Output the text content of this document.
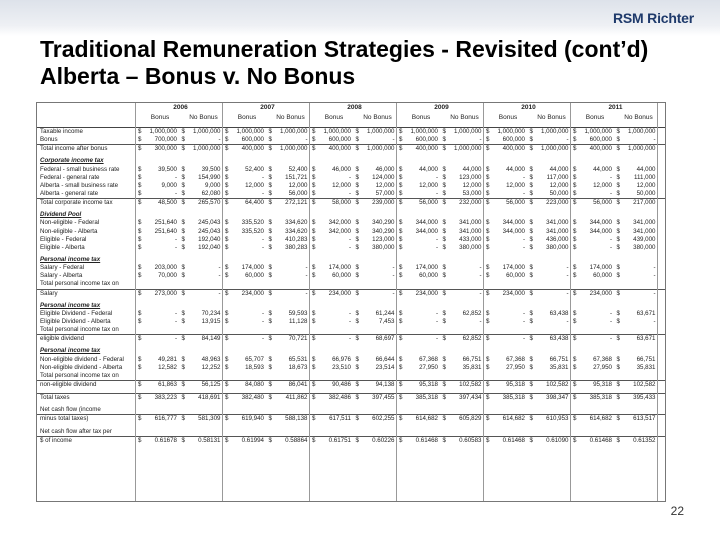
RSM Richter
Traditional Remuneration Strategies - Revisited (cont’d)
Alberta – Bonus v. No Bonus
2006	2007	2008	2009	2010	2011
Bonus	No Bonus	Bonus	No Bonus	Bonus	No Bonus	Bonus	No Bonus	Bonus	No Bonus	Bonus	No Bonus
Taxable income	$	1,000,000 $	1,000,000 $	1,000,000 $	1,000,000 $	1,000,000 $	1,000,000 $	1,000,000 $	1,000,000 $	1,000,000 $	1,000,000 $	1,000,000 $	1,000,000
Bonus	$	700,000 $	- $	600,000 $	- $	600,000 $	- $	600,000 $	- $	600,000 $	- $	600,000 $	-
Total income after bonus	$	300,000 $	1,000,000 $	400,000 $	1,000,000 $	400,000 $	1,000,000 $	400,000 $	1,000,000 $	400,000 $	1,000,000 $	400,000 $	1,000,000
Corporate income tax
Federal - small business rate	$	39,500 $	39,500 $	52,400 $	52,400 $	46,000 $	46,000 $	44,000 $	44,000 $	44,000 $	44,000 $	44,000 $	44,000
Federal - general rate	$	- $	154,990 $	- $	151,721 $	- $	124,000 $	- $	123,000 $	- $	117,000 $	- $	111,000
Alberta - small business rate	$	9,000 $	9,000 $	12,000 $	12,000 $	12,000 $	12,000 $	12,000 $	12,000 $	12,000 $	12,000 $	12,000 $	12,000
Alberta - general rate	$	- $	62,080 $	- $	56,000 $	- $	57,000 $	- $	53,000 $	- $	50,000 $	- $	50,000
Total corporate income tax	$	48,500 $	265,570 $	64,400 $	272,121 $	58,000 $	239,000 $	56,000 $	232,000 $	56,000 $	223,000 $	56,000 $	217,000
Dividend Pool
Non-eligible - Federal	$	251,640 $	245,043 $	335,520 $	334,620 $	342,000 $	340,290 $	344,000 $	341,000 $	344,000 $	341,000 $	344,000 $	341,000
Non-eligible - Alberta	$	251,640 $	245,043 $	335,520 $	334,620 $	342,000 $	340,290 $	344,000 $	341,000 $	344,000 $	341,000 $	344,000 $	341,000
Eligible - Federal	$	- $	192,040 $	- $	410,283 $	- $	123,000 $	- $	433,000 $	- $	436,000 $	- $	439,000
Eligible - Alberta	$	- $	192,040 $	- $	380,283 $	- $	380,000 $	- $	380,000 $	- $	380,000 $	- $	380,000
Personal income tax
Salary - Federal	$	203,000 $	- $	174,000 $	- $	174,000 $	- $	174,000 $	- $	174,000 $	- $	174,000 $	-
Salary - Alberta	$	70,000 $	- $	60,000 $	- $	60,000 $	- $	60,000 $	- $	60,000 $	- $	60,000 $	-
Total personal income tax on
Salary	$	273,000 $	- $	234,000 $	- $	234,000 $	- $	234,000 $	- $	234,000 $	- $	234,000 $	-
Personal income tax
Eligible Dividend - Federal	$	- $	70,234 $	- $	59,593 $	- $	61,244 $	- $	62,852 $	- $	63,438 $	- $	63,671
Eligible Dividend - Alberta	$	- $	13,915 $	- $	11,128 $	- $	7,453 $	- $	- $	- $	- $	- $	-
Total personal income tax on
eligible dividend	$	- $	84,149 $	- $	70,721 $	- $	68,697 $	- $	62,852 $	- $	63,438 $	- $	63,671
Personal income tax
Non-eligible dividend - Federal	$	49,281 $	48,963 $	65,707 $	65,531 $	66,976 $	66,644 $	67,368 $	66,751 $	67,368 $	66,751 $	67,368 $	66,751
Non-eligible dividend - Alberta	$	12,582 $	12,252 $	18,593 $	18,673 $	23,510 $	23,514 $	27,950 $	35,831 $	27,950 $	35,831 $	27,950 $	35,831
Total personal income tax on
non-eligible dividend	$	61,863 $	56,125 $	84,080 $	86,041 $	90,486 $	94,138 $	95,318 $	102,582 $	95,318 $	102,582 $	95,318 $	102,582
Total taxes	$	383,223 $	418,691 $	382,480 $	411,862 $	382,486 $	397,455 $	385,318 $	397,434 $	385,318 $	398,347 $	385,318 $	395,433
Net cash flow (income
minus total taxes)	$	616,777 $	581,309 $	619,940 $	588,138 $	617,511 $	602,255 $	614,682 $	605,829 $	614,682 $	610,953 $	614,682 $	613,517
Net cash flow after tax per
$ of income	$	0.61678 $	0.58131 $	0.61994 $	0.58864 $	0.61751 $	0.60226 $	0.61468 $	0.60583 $	0.61468 $	0.61090 $	0.61468 $	0.61352
22
